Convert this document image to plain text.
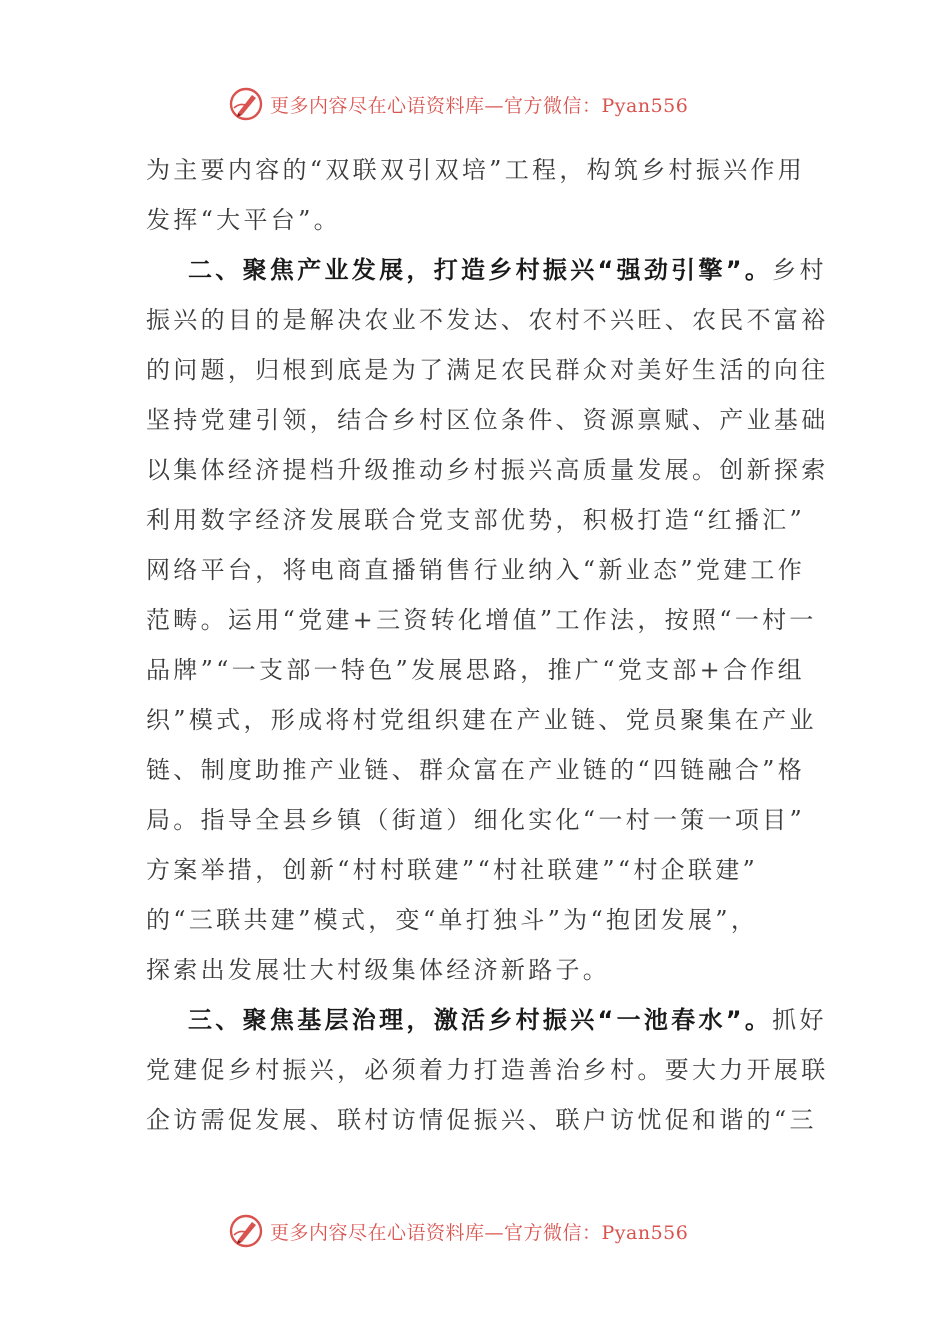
更多内容尽在心语资料库—官方微信：Pyan556
为主要内容的“双联双引双培”工程，构筑乡村振兴作用
发挥“大平台”。
二、聚焦产业发展，打造乡村振兴“强劲引擎”。乡村
振兴的目的是解决农业不发达、农村不兴旺、农民不富裕
的问题，归根到底是为了满足农民群众对美好生活的向往
坚持党建引领，结合乡村区位条件、资源禀赋、产业基础
以集体经济提档升级推动乡村振兴高质量发展。创新探索
利用数字经济发展联合党支部优势，积极打造“红播汇”
网络平台，将电商直播销售行业纳入“新业态”党建工作
范畴。运用“党建+三资转化增值”工作法，按照“一村一
品牌”“一支部一特色”发展思路，推广“党支部+合作组
织”模式，形成将村党组织建在产业链、党员聚集在产业
链、制度助推产业链、群众富在产业链的“四链融合”格
局。指导全县乡镇（街道）细化实化“一村一策一项目”
方案举措，创新“村村联建”“村社联建”“村企联建”
的“三联共建”模式，变“单打独斗”为“抱团发展”，
探索出发展壮大村级集体经济新路子。
三、聚焦基层治理，激活乡村振兴“一池春水”。抓好
党建促乡村振兴，必须着力打造善治乡村。要大力开展联
企访需促发展、联村访情促振兴、联户访忧促和谐的“三
更多内容尽在心语资料库—官方微信：Pyan556
